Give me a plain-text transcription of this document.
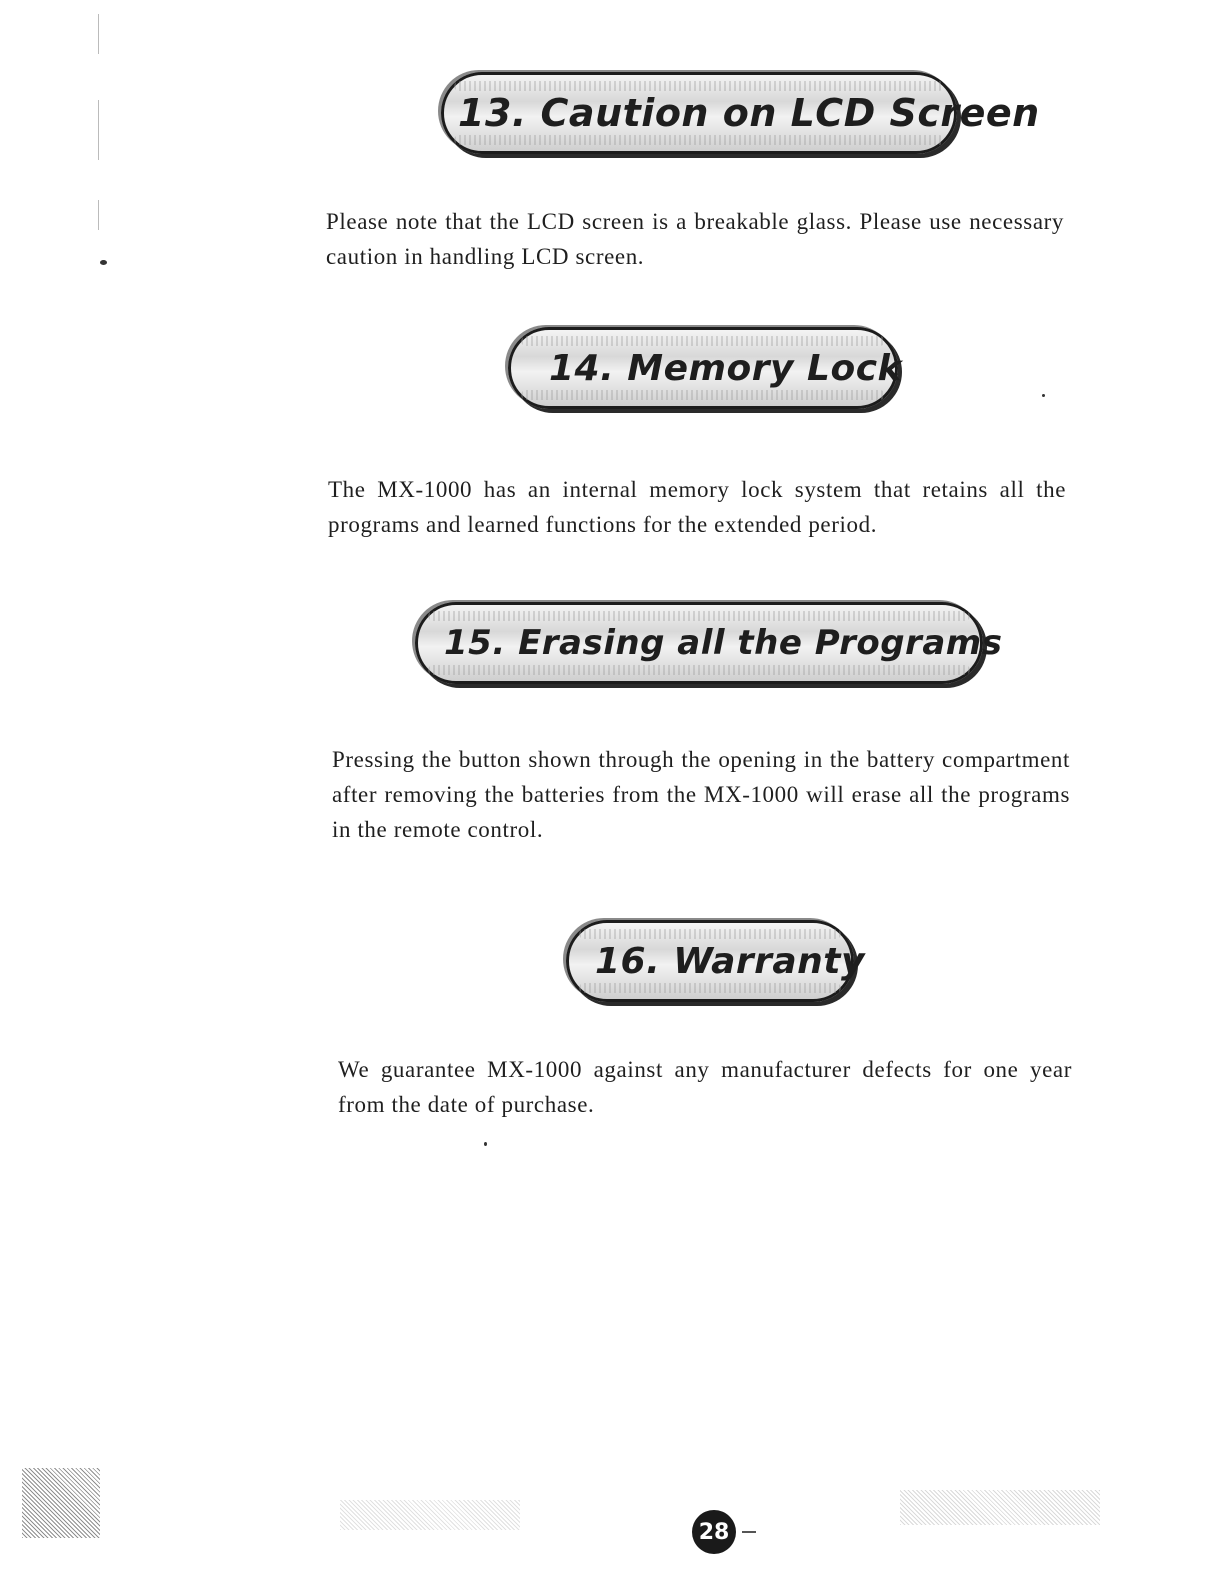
13. Caution on LCD Screen
Please note that the LCD screen is a breakable glass. Please use necessary caution in handling LCD screen.
14. Memory Lock
The MX-1000 has an internal memory lock system that retains all the programs and learned functions for the extended period.
15. Erasing all the Programs
Pressing the button shown through the opening in the battery compartment after removing the batteries from the MX-1000 will erase all the programs in the remote control.
16. Warranty
We guarantee MX-1000 against any manufacturer defects for one year from the date of purchase.
28
